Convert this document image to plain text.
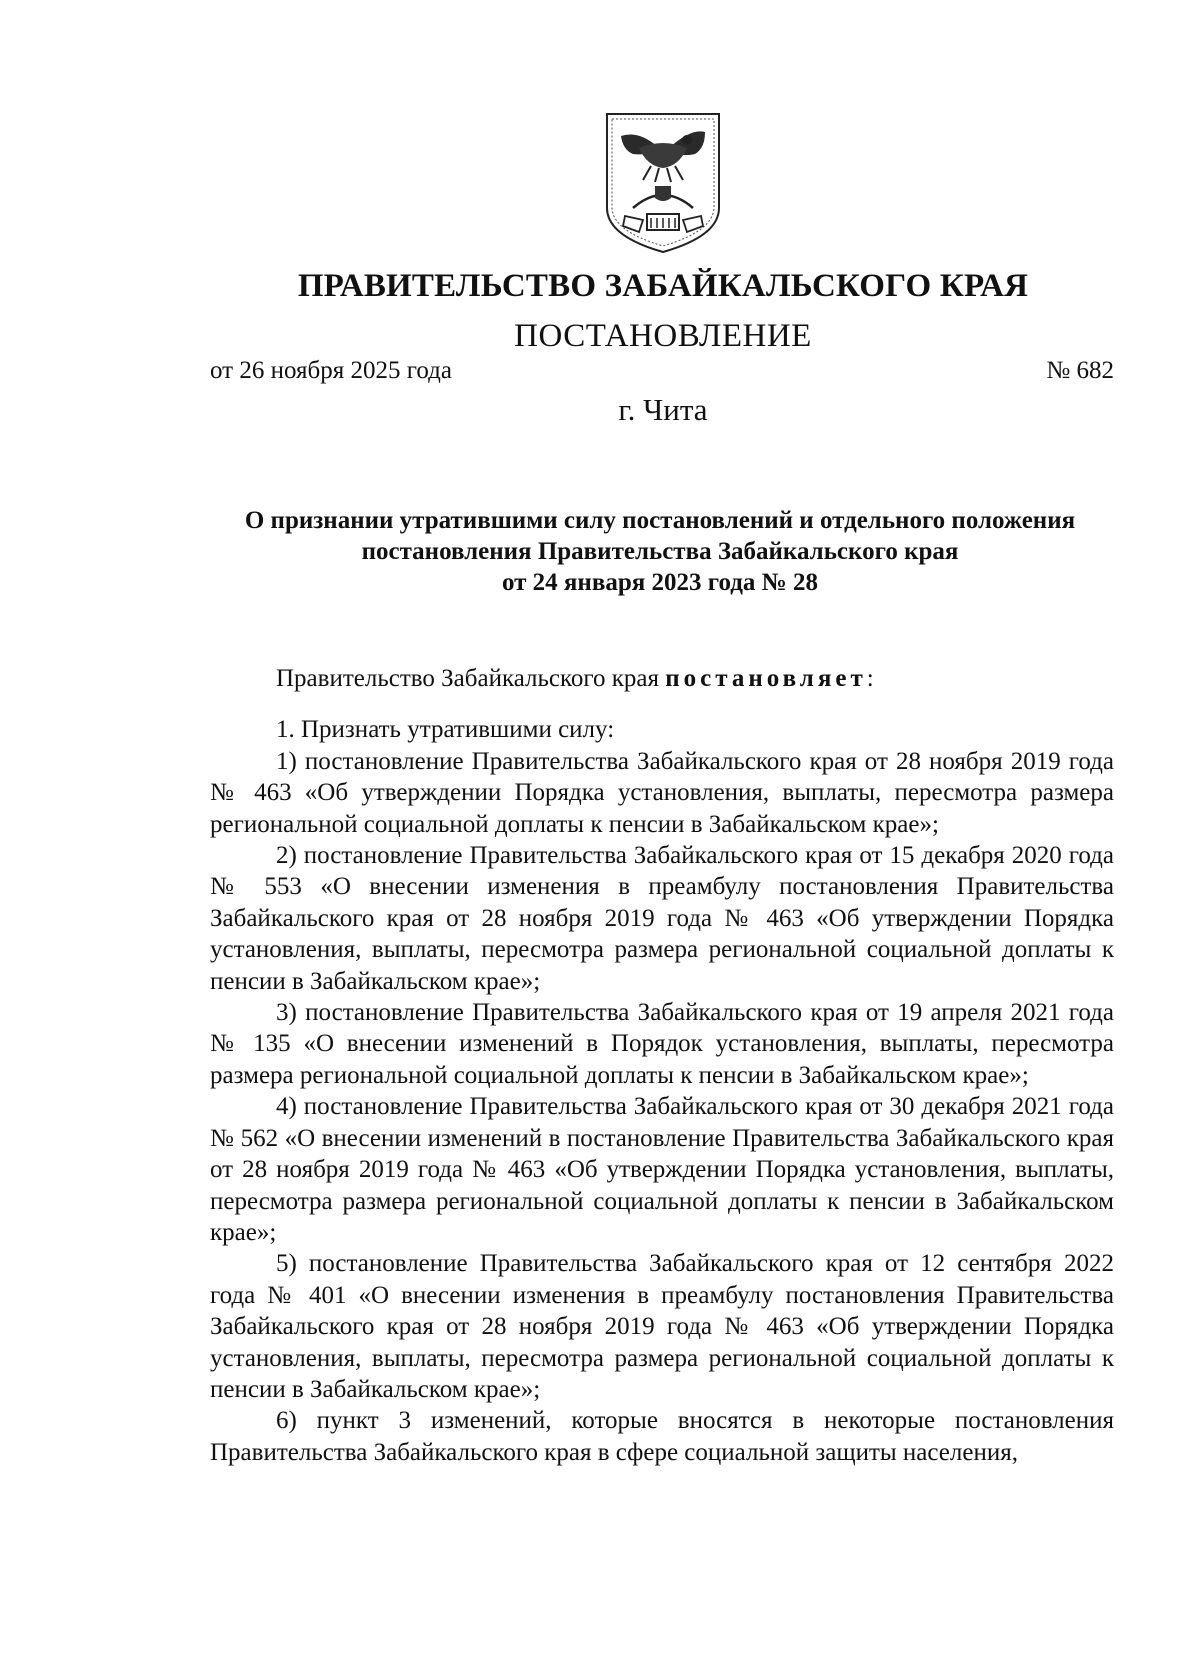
ПРАВИТЕЛЬСТВО ЗАБАЙКАЛЬСКОГО КРАЯ
ПОСТАНОВЛЕНИЕ
от 26 ноября 2025 года	№ 682
г. Чита
О признании утратившими силу постановлений и отдельного положения
постановления Правительства Забайкальского края
от 24 января 2023 года № 28

Правительство Забайкальского края постановляет:

1. Признать утратившими силу:

1) постановление Правительства Забайкальского края от 28 ноября 2019 года № 463 «Об утверждении Порядка установления, выплаты, пересмотра размера региональной социальной доплаты к пенсии в Забайкальском крае»;

2) постановление Правительства Забайкальского края от 15 декабря 2020 года № 553 «О внесении изменения в преамбулу постановления Правительства Забайкальского края от 28 ноября 2019 года № 463 «Об утверждении Порядка установления, выплаты, пересмотра размера региональной социальной доплаты к пенсии в Забайкальском крае»;

3) постановление Правительства Забайкальского края от 19 апреля 2021 года № 135 «О внесении изменений в Порядок установления, выплаты, пересмотра размера региональной социальной доплаты к пенсии в Забайкальском крае»;

4) постановление Правительства Забайкальского края от 30 декабря 2021 года № 562 «О внесении изменений в постановление Правительства Забайкальского края от 28 ноября 2019 года № 463 «Об утверждении Порядка установления, выплаты, пересмотра размера региональной социальной доплаты к пенсии в Забайкальском крае»;

5) постановление Правительства Забайкальского края от 12 сентября 2022 года № 401 «О внесении изменения в преамбулу постановления Правительства Забайкальского края от 28 ноября 2019 года № 463 «Об утверждении Порядка установления, выплаты, пересмотра размера региональной социальной доплаты к пенсии в Забайкальском крае»;

6) пункт 3 изменений, которые вносятся в некоторые постановления Правительства Забайкальского края в сфере социальной защиты населения,
